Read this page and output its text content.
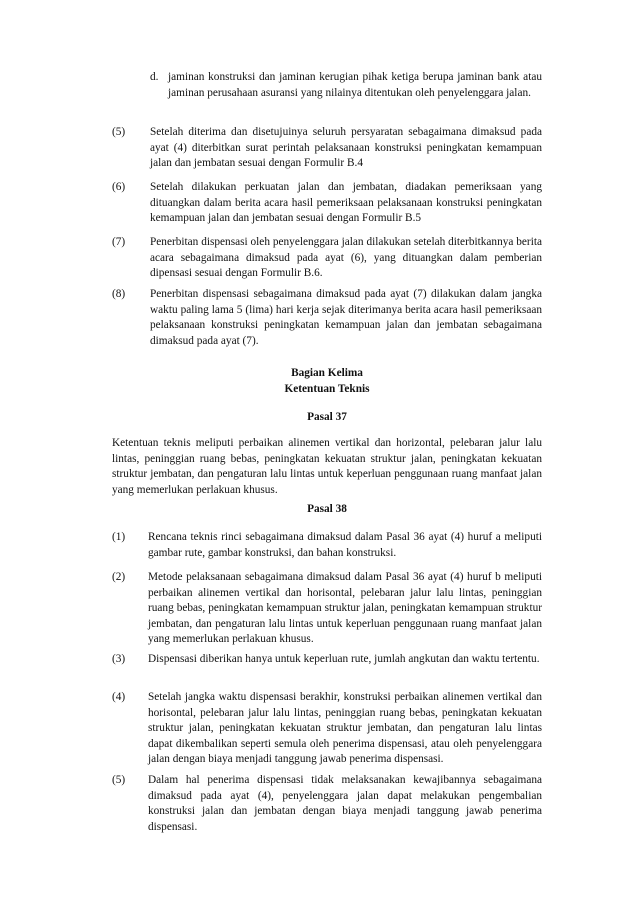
d. jaminan konstruksi dan jaminan kerugian pihak ketiga berupa jaminan bank atau jaminan perusahaan asuransi yang nilainya ditentukan oleh penyelenggara jalan.
(5)	Setelah diterima dan disetujuinya seluruh persyaratan sebagaimana dimaksud pada ayat (4) diterbitkan surat perintah pelaksanaan konstruksi peningkatan kemampuan jalan dan jembatan sesuai dengan Formulir B.4
(6)	Setelah dilakukan perkuatan jalan dan jembatan, diadakan pemeriksaan yang dituangkan dalam berita acara hasil pemeriksaan pelaksanaan konstruksi peningkatan kemampuan jalan dan jembatan sesuai dengan Formulir B.5
(7)	Penerbitan dispensasi oleh penyelenggara jalan dilakukan setelah diterbitkannya berita acara sebagaimana dimaksud pada ayat (6), yang dituangkan dalam pemberian dipensasi sesuai dengan Formulir B.6.
(8)	Penerbitan dispensasi sebagaimana dimaksud pada ayat (7) dilakukan dalam jangka waktu paling lama 5 (lima) hari kerja sejak diterimanya berita acara hasil pemeriksaan pelaksanaan konstruksi peningkatan kemampuan jalan dan jembatan sebagaimana dimaksud pada ayat (7).
Bagian Kelima
Ketentuan Teknis
Pasal 37
Ketentuan teknis meliputi perbaikan alinemen vertikal dan horizontal, pelebaran jalur lalu lintas, peninggian ruang bebas, peningkatan kekuatan struktur jalan, peningkatan kekuatan struktur jembatan, dan pengaturan lalu lintas untuk keperluan penggunaan ruang manfaat jalan yang memerlukan perlakuan khusus.
Pasal 38
(1)	Rencana teknis rinci sebagaimana dimaksud dalam Pasal 36 ayat (4) huruf a meliputi gambar rute, gambar konstruksi, dan bahan konstruksi.
(2)	Metode pelaksanaan sebagaimana dimaksud dalam Pasal 36 ayat (4) huruf b meliputi perbaikan alinemen vertikal dan horisontal, pelebaran jalur lalu lintas, peninggian ruang bebas, peningkatan kemampuan struktur jalan, peningkatan kemampuan struktur jembatan, dan pengaturan lalu lintas untuk keperluan penggunaan ruang manfaat jalan yang memerlukan perlakuan khusus.
(3)	Dispensasi diberikan hanya untuk keperluan rute, jumlah angkutan dan waktu tertentu.
(4)	Setelah jangka waktu dispensasi berakhir, konstruksi perbaikan alinemen vertikal dan horisontal, pelebaran jalur lalu lintas, peninggian ruang bebas, peningkatan kekuatan struktur jalan, peningkatan kekuatan struktur jembatan, dan pengaturan lalu lintas dapat dikembalikan seperti semula oleh penerima dispensasi, atau oleh penyelenggara jalan dengan biaya menjadi tanggung jawab penerima dispensasi.
(5)	Dalam hal penerima dispensasi tidak melaksanakan kewajibannya sebagaimana dimaksud pada ayat (4), penyelenggara jalan dapat melakukan pengembalian konstruksi jalan dan jembatan dengan biaya menjadi tanggung jawab penerima dispensasi.
